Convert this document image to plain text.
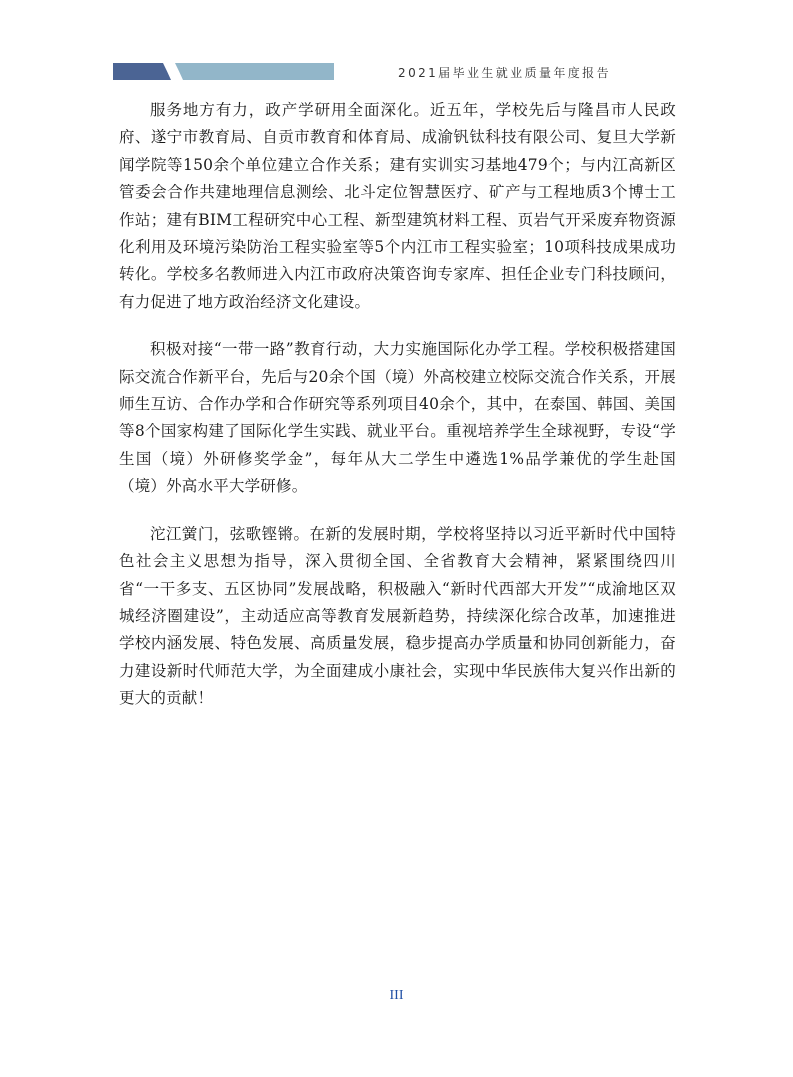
2021届毕业生就业质量年度报告

服务地方有力，政产学研用全面深化。近五年，学校先后与隆昌市人民政府、遂宁市教育局、自贡市教育和体育局、成渝钒钛科技有限公司、复旦大学新闻学院等150余个单位建立合作关系；建有实训实习基地479个；与内江高新区管委会合作共建地理信息测绘、北斗定位智慧医疗、矿产与工程地质3个博士工作站；建有BIM工程研究中心工程、新型建筑材料工程、页岩气开采废弃物资源化利用及环境污染防治工程实验室等5个内江市工程实验室；10项科技成果成功转化。学校多名教师进入内江市政府决策咨询专家库、担任企业专门科技顾问，有力促进了地方政治经济文化建设。

积极对接“一带一路”教育行动，大力实施国际化办学工程。学校积极搭建国际交流合作新平台，先后与20余个国（境）外高校建立校际交流合作关系，开展师生互访、合作办学和合作研究等系列项目40余个，其中，在泰国、韩国、美国等8个国家构建了国际化学生实践、就业平台。重视培养学生全球视野，专设“学生国（境）外研修奖学金”，每年从大二学生中遴选1%品学兼优的学生赴国（境）外高水平大学研修。

沱江黉门，弦歌铿锵。在新的发展时期，学校将坚持以习近平新时代中国特色社会主义思想为指导，深入贯彻全国、全省教育大会精神，紧紧围绕四川省“一干多支、五区协同”发展战略，积极融入“新时代西部大开发”“成渝地区双城经济圈建设”，主动适应高等教育发展新趋势，持续深化综合改革，加速推进学校内涵发展、特色发展、高质量发展，稳步提高办学质量和协同创新能力，奋力建设新时代师范大学，为全面建成小康社会，实现中华民族伟大复兴作出新的更大的贡献！

III
